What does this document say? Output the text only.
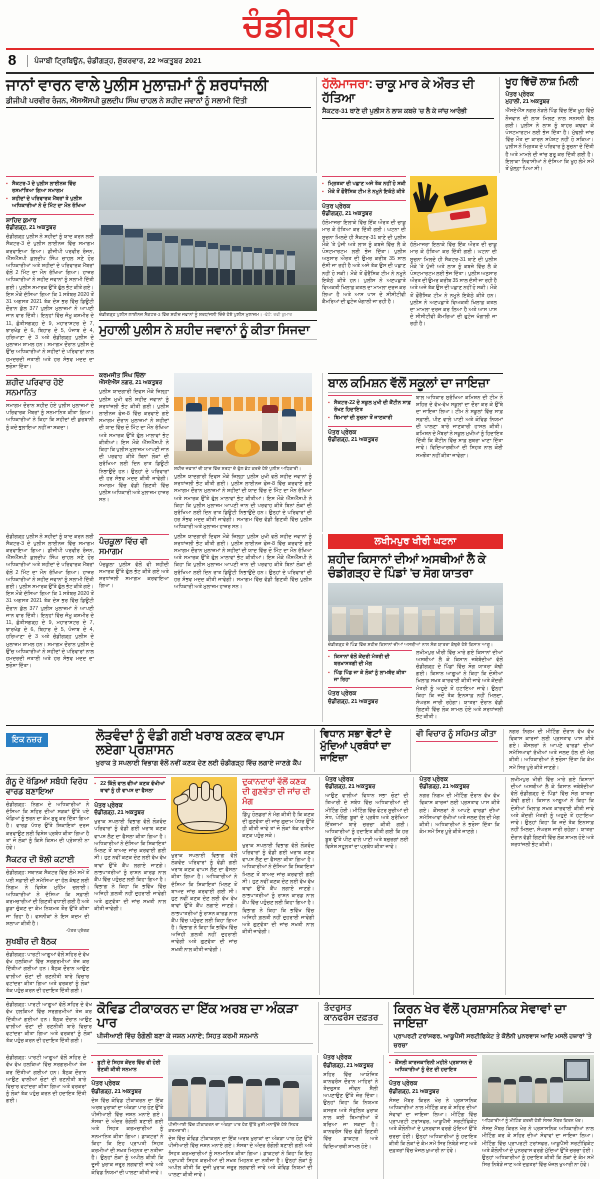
ਚੰਡੀਗੜ੍ਹ
8	ਪੰਜਾਬੀ ਟ੍ਰਿਬਿਊਨ, ਚੰਡੀਗੜ੍ਹ, ਸ਼ੁੱਕਰਵਾਰ, 22 ਅਕਤੂਬਰ 2021
ਜਾਨਾਂ ਵਾਰਨ ਵਾਲੇ ਪੁਲੀਸ ਮੁਲਾਜ਼ਮਾਂ ਨੂੰ ਸ਼ਰਧਾਂਜਲੀ
ਡੀਜੀਪੀ ਪਰਵੀਰ ਰੰਜਨ, ਐੱਸਐੱਸਪੀ ਕੁਲਦੀਪ ਸਿੰਘ ਚਾਹਲ ਨੇ ਸ਼ਹੀਦ ਜਵਾਨਾਂ ਨੂੰ ਸਲਾਮੀ ਦਿੱਤੀ
ਹੱਲੋਮਾਜਰਾ: ਚਾਕੂ ਮਾਰ ਕੇ ਔਰਤ ਦੀ ਹੱਤਿਆ
ਸੈਕਟਰ-31 ਥਾਣੇ ਦੀ ਪੁਲੀਸ ਨੇ ਲਾਸ਼ ਕਬਜ਼ੇ 'ਚ ਲੈ ਕੇ ਜਾਂਚ ਆਰੰਭੀ
ਖੂਹ ਵਿੱਚੋਂ ਲਾਸ਼ ਮਿਲੀ
ਪੱਤਰ ਪ੍ਰੇਰਕ
ਮੁਹਾਲੀ, 21 ਅਕਤੂਬਰ
ਐੱਸਏਐੱਸ ਨਗਰ ਨੇੜਲੇ ਪਿੰਡ ਵਿੱਚ ਇੱਕ ਖੂਹ ਵਿੱਚੋਂ ਨੌਜਵਾਨ ਦੀ ਲਾਸ਼ ਮਿਲਣ ਨਾਲ ਸਨਸਨੀ ਫੈਲ ਗਈ। ਪੁਲੀਸ ਨੇ ਲਾਸ਼ ਨੂੰ ਬਾਹਰ ਕਢਵਾ ਕੇ ਪੋਸਟਮਾਰਟਮ ਲਈ ਭੇਜ ਦਿੱਤਾ ਹੈ। ਮੁੱਢਲੀ ਜਾਂਚ ਵਿੱਚ ਮੌਤ ਦਾ ਕਾਰਨ ਸਪੱਸ਼ਟ ਨਹੀਂ ਹੋ ਸਕਿਆ। ਪੁਲੀਸ ਨੇ ਮ੍ਰਿਤਕ ਦੇ ਪਰਿਵਾਰ ਨੂੰ ਸੂਚਨਾ ਦੇ ਦਿੱਤੀ ਹੈ ਅਤੇ ਮਾਮਲੇ ਦੀ ਜਾਂਚ ਸ਼ੁਰੂ ਕਰ ਦਿੱਤੀ ਗਈ ਹੈ। ਇਲਾਕਾ ਨਿਵਾਸੀਆਂ ਨੇ ਦੱਸਿਆ ਕਿ ਖੂਹ ਲੰਮੇ ਸਮੇਂ ਤੋਂ ਖੁੱਲ੍ਹਾ ਪਿਆ ਸੀ।
▪ ਸੈਕਟਰ-3 ਦੇ ਪੁਲੀਸ ਲਾਈਨਜ਼ ਵਿੱਚ ਰਸਮਾਂਤਿਆ ਗਿਆ ਸਮਾਗਮ
▪ ਸ਼ਹੀਦਾਂ ਦੇ ਪਰਿਵਾਰਕ ਮੈਂਬਰਾਂ ਤੇ ਪੁਲੀਸ ਅਧਿਕਾਰੀਆਂ ਨੇ ਦੋ ਮਿੰਟ ਦਾ ਮੌਨ ਰੱਖਿਆ
ਸ਼ਾਹਿਦ ਕੁਮਾਰ
ਚੰਡੀਗੜ੍ਹ, 21 ਅਕਤੂਬਰ
ਚੰਡੀਗੜ੍ਹ ਪੁਲੀਸ ਨੇ ਸ਼ਹੀਦਾਂ ਨੂੰ ਯਾਦ ਕਰਨ ਲਈ ਸੈਕਟਰ-3 ਦੇ ਪੁਲੀਸ ਲਾਈਨਜ਼ ਵਿੱਚ ਸਮਾਗਮ ਕਰਵਾਇਆ ਗਿਆ। ਡੀਜੀਪੀ ਪਰਵੀਰ ਰੰਜਨ, ਐੱਸਐੱਸਪੀ ਕੁਲਦੀਪ ਸਿੰਘ ਚਾਹਲ ਸਣੇ ਹੋਰ ਅਧਿਕਾਰੀਆਂ ਅਤੇ ਸ਼ਹੀਦਾਂ ਦੇ ਪਰਿਵਾਰਕ ਮੈਂਬਰਾਂ ਵੱਲੋਂ 2 ਮਿੰਟ ਦਾ ਮੌਨ ਰੱਖਿਆ ਗਿਆ। ਹਾਜ਼ਰ ਅਧਿਕਾਰੀਆਂ ਨੇ ਸ਼ਹੀਦ ਜਵਾਨਾਂ ਨੂੰ ਸਲਾਮੀ ਦਿੱਤੀ ਗਈ। ਪੁਲੀਸ ਸਮਾਰਕ ਉੱਤੇ ਫੁੱਲ ਭੇਟ ਕੀਤੇ ਗਏ। ਇਸ ਮੌਕੇ ਦੱਸਿਆ ਗਿਆ ਕਿ 1 ਸਤੰਬਰ 2020 ਤੋਂ 31 ਅਗਸਤ 2021 ਤੱਕ ਦੇਸ਼ ਭਰ ਵਿੱਚ ਡਿਊਟੀ ਦੌਰਾਨ ਕੁੱਲ 377 ਪੁਲੀਸ ਮੁਲਾਜ਼ਮਾਂ ਨੇ ਆਪਣੀ ਜਾਨ ਵਾਰ ਦਿੱਤੀ। ਇਨ੍ਹਾਂ ਵਿੱਚ ਜੰਮੂ ਕਸ਼ਮੀਰ ਦੇ 11, ਛੱਤੀਸਗੜ੍ਹ ਦੇ 9, ਮਹਾਰਾਸ਼ਟਰ ਦੇ 7, ਝਾਰਖੰਡ ਦੇ 6, ਬਿਹਾਰ ਦੇ 5, ਪੰਜਾਬ ਦੇ 4, ਹਰਿਆਣਾ ਦੇ 3 ਅਤੇ ਚੰਡੀਗੜ੍ਹ ਪੁਲੀਸ ਦੇ ਮੁਲਾਜ਼ਮ ਸ਼ਾਮਲ ਹਨ। ਸਮਾਗਮ ਦੌਰਾਨ ਪੁਲੀਸ ਦੇ ਉੱਚ ਅਧਿਕਾਰੀਆਂ ਨੇ ਸ਼ਹੀਦਾਂ ਦੇ ਪਰਿਵਾਰਾਂ ਨਾਲ ਹਮਦਰਦੀ ਜਤਾਈ ਅਤੇ ਹਰ ਸੰਭਵ ਮਦਦ ਦਾ ਭਰੋਸਾ ਦਿੱਤਾ।
ਚੰਡੀਗੜ੍ਹ ਪੁਲੀਸ ਲਾਈਨਜ਼ ਸੈਕਟਰ-3 ਵਿੱਚ ਸ਼ਹੀਦ ਜਵਾਨਾਂ ਨੂੰ ਸ਼ਰਧਾਂਜਲੀ ਦਿੰਦੇ ਹੋਏ ਪੁਲੀਸ ਮੁਲਾਜ਼ਮ। -ਫੋਟੋ: ਰਵੀ ਕੁਮਾਰ
ਮੁਹਾਲੀ ਪੁਲੀਸ ਨੇ ਸ਼ਹੀਦ ਜਵਾਨਾਂ ਨੂੰ ਕੀਤਾ ਸਿਜਦਾ
▪ ਮ੍ਰਿਤਕਾ ਦੀ ਪਛਾਣ ਅਜੇ ਤੱਕ ਨਹੀਂ ਹੋ ਸਕੀ
▪ ਮੌਕੇ ਤੋਂ ਫੌਰੈਂਸਿਕ ਟੀਮ ਨੇ ਨਮੂਨੇ ਇਕੱਠੇ ਕੀਤੇ
ਪੱਤਰ ਪ੍ਰੇਰਕ
ਚੰਡੀਗੜ੍ਹ, 21 ਅਕਤੂਬਰ
ਹੱਲੋਮਾਜਰਾ ਇਲਾਕੇ ਵਿੱਚ ਇੱਕ ਔਰਤ ਦੀ ਚਾਕੂ ਮਾਰ ਕੇ ਹੱਤਿਆ ਕਰ ਦਿੱਤੀ ਗਈ। ਘਟਨਾ ਦੀ ਸੂਚਨਾ ਮਿਲਦੇ ਹੀ ਸੈਕਟਰ-31 ਥਾਣੇ ਦੀ ਪੁਲੀਸ ਮੌਕੇ 'ਤੇ ਪੁੱਜੀ ਅਤੇ ਲਾਸ਼ ਨੂੰ ਕਬਜ਼ੇ ਵਿੱਚ ਲੈ ਕੇ ਪੋਸਟਮਾਰਟਮ ਲਈ ਭੇਜ ਦਿੱਤਾ। ਪੁਲੀਸ ਅਨੁਸਾਰ ਔਰਤ ਦੀ ਉਮਰ ਕਰੀਬ 35 ਸਾਲ ਦੱਸੀ ਜਾ ਰਹੀ ਹੈ ਅਤੇ ਅਜੇ ਤੱਕ ਉਸ ਦੀ ਪਛਾਣ ਨਹੀਂ ਹੋ ਸਕੀ। ਮੌਕੇ ਤੋਂ ਫੌਰੈਂਸਿਕ ਟੀਮ ਨੇ ਨਮੂਨੇ ਇਕੱਠੇ ਕੀਤੇ ਹਨ। ਪੁਲੀਸ ਨੇ ਅਣਪਛਾਤੇ ਵਿਅਕਤੀ ਖ਼ਿਲਾਫ਼ ਕਤਲ ਦਾ ਮਾਮਲਾ ਦਰਜ ਕਰ ਲਿਆ ਹੈ ਅਤੇ ਆਸ ਪਾਸ ਦੇ ਸੀਸੀਟੀਵੀ ਕੈਮਰਿਆਂ ਦੀ ਫੁਟੇਜ ਖੰਗਾਲੀ ਜਾ ਰਹੀ ਹੈ।
ਹੱਲੋਮਾਜਰਾ ਇਲਾਕੇ ਵਿੱਚ ਇੱਕ ਔਰਤ ਦੀ ਚਾਕੂ ਮਾਰ ਕੇ ਹੱਤਿਆ ਕਰ ਦਿੱਤੀ ਗਈ। ਘਟਨਾ ਦੀ ਸੂਚਨਾ ਮਿਲਦੇ ਹੀ ਸੈਕਟਰ-31 ਥਾਣੇ ਦੀ ਪੁਲੀਸ ਮੌਕੇ 'ਤੇ ਪੁੱਜੀ ਅਤੇ ਲਾਸ਼ ਨੂੰ ਕਬਜ਼ੇ ਵਿੱਚ ਲੈ ਕੇ ਪੋਸਟਮਾਰਟਮ ਲਈ ਭੇਜ ਦਿੱਤਾ। ਪੁਲੀਸ ਅਨੁਸਾਰ ਔਰਤ ਦੀ ਉਮਰ ਕਰੀਬ 35 ਸਾਲ ਦੱਸੀ ਜਾ ਰਹੀ ਹੈ ਅਤੇ ਅਜੇ ਤੱਕ ਉਸ ਦੀ ਪਛਾਣ ਨਹੀਂ ਹੋ ਸਕੀ। ਮੌਕੇ ਤੋਂ ਫੌਰੈਂਸਿਕ ਟੀਮ ਨੇ ਨਮੂਨੇ ਇਕੱਠੇ ਕੀਤੇ ਹਨ। ਪੁਲੀਸ ਨੇ ਅਣਪਛਾਤੇ ਵਿਅਕਤੀ ਖ਼ਿਲਾਫ਼ ਕਤਲ ਦਾ ਮਾਮਲਾ ਦਰਜ ਕਰ ਲਿਆ ਹੈ ਅਤੇ ਆਸ ਪਾਸ ਦੇ ਸੀਸੀਟੀਵੀ ਕੈਮਰਿਆਂ ਦੀ ਫੁਟੇਜ ਖੰਗਾਲੀ ਜਾ ਰਹੀ ਹੈ।
ਸ਼ਹੀਦ ਪਰਿਵਾਰ ਹੋਏ ਸਨਮਾਨਿਤ
ਸਮਾਗਮ ਦੌਰਾਨ ਸ਼ਹੀਦ ਹੋਏ ਪੁਲੀਸ ਮੁਲਾਜ਼ਮਾਂ ਦੇ ਪਰਿਵਾਰਕ ਮੈਂਬਰਾਂ ਨੂੰ ਸਨਮਾਨਿਤ ਕੀਤਾ ਗਿਆ। ਅਧਿਕਾਰੀਆਂ ਨੇ ਕਿਹਾ ਕਿ ਸ਼ਹੀਦਾਂ ਦੀ ਕੁਰਬਾਨੀ ਨੂੰ ਕਦੇ ਭੁਲਾਇਆ ਨਹੀਂ ਜਾ ਸਕਦਾ।
ਕਰਮਜੀਤ ਸਿੰਘ ਚਿੱਲਾ
ਐੱਸਏਐੱਸ ਨਗਰ, 21 ਅਕਤੂਬਰ
ਪੁਲੀਸ ਯਾਦਗਾਰੀ ਦਿਵਸ ਮੌਕੇ ਜ਼ਿਲ੍ਹਾ ਪੁਲੀਸ ਮੁਖੀ ਵਲੋਂ ਸ਼ਹੀਦ ਜਵਾਨਾਂ ਨੂੰ ਸ਼ਰਧਾਂਜਲੀ ਭੇਟ ਕੀਤੀ ਗਈ। ਪੁਲੀਸ ਲਾਈਨਜ਼ ਫੇਜ਼-8 ਵਿੱਚ ਕਰਵਾਏ ਗਏ ਸਮਾਗਮ ਦੌਰਾਨ ਮੁਲਾਜ਼ਮਾਂ ਨੇ ਸ਼ਹੀਦਾਂ ਦੀ ਯਾਦ ਵਿੱਚ ਦੋ ਮਿੰਟ ਦਾ ਮੌਨ ਰੱਖਿਆ ਅਤੇ ਸਮਾਰਕ ਉੱਤੇ ਫੁੱਲ ਮਾਲਾਵਾਂ ਭੇਟ ਕੀਤੀਆਂ। ਇਸ ਮੌਕੇ ਐੱਸਐੱਸਪੀ ਨੇ ਕਿਹਾ ਕਿ ਪੁਲੀਸ ਮੁਲਾਜ਼ਮ ਆਪਣੀ ਜਾਨ ਦੀ ਪਰਵਾਹ ਕੀਤੇ ਬਿਨਾਂ ਲੋਕਾਂ ਦੀ ਸੁਰੱਖਿਆ ਲਈ ਦਿਨ ਰਾਤ ਡਿਊਟੀ ਨਿਭਾਉਂਦੇ ਹਨ। ਉਨ੍ਹਾਂ ਦੇ ਪਰਿਵਾਰਾਂ ਦੀ ਹਰ ਸੰਭਵ ਮਦਦ ਕੀਤੀ ਜਾਵੇਗੀ। ਸਮਾਗਮ ਵਿੱਚ ਵੱਡੀ ਗਿਣਤੀ ਵਿੱਚ ਪੁਲੀਸ ਅਧਿਕਾਰੀ ਅਤੇ ਮੁਲਾਜ਼ਮ ਹਾਜ਼ਰ ਸਨ।
ਸ਼ਹੀਦ ਜਵਾਨਾਂ ਦੀ ਯਾਦ ਵਿੱਚ ਸ਼ਰਧਾ ਦੇ ਫੁੱਲ ਭੇਟ ਕਰਦੇ ਹੋਏ ਪੁਲੀਸ ਅਧਿਕਾਰੀ।
ਪੁਲੀਸ ਯਾਦਗਾਰੀ ਦਿਵਸ ਮੌਕੇ ਜ਼ਿਲ੍ਹਾ ਪੁਲੀਸ ਮੁਖੀ ਵਲੋਂ ਸ਼ਹੀਦ ਜਵਾਨਾਂ ਨੂੰ ਸ਼ਰਧਾਂਜਲੀ ਭੇਟ ਕੀਤੀ ਗਈ। ਪੁਲੀਸ ਲਾਈਨਜ਼ ਫੇਜ਼-8 ਵਿੱਚ ਕਰਵਾਏ ਗਏ ਸਮਾਗਮ ਦੌਰਾਨ ਮੁਲਾਜ਼ਮਾਂ ਨੇ ਸ਼ਹੀਦਾਂ ਦੀ ਯਾਦ ਵਿੱਚ ਦੋ ਮਿੰਟ ਦਾ ਮੌਨ ਰੱਖਿਆ ਅਤੇ ਸਮਾਰਕ ਉੱਤੇ ਫੁੱਲ ਮਾਲਾਵਾਂ ਭੇਟ ਕੀਤੀਆਂ। ਇਸ ਮੌਕੇ ਐੱਸਐੱਸਪੀ ਨੇ ਕਿਹਾ ਕਿ ਪੁਲੀਸ ਮੁਲਾਜ਼ਮ ਆਪਣੀ ਜਾਨ ਦੀ ਪਰਵਾਹ ਕੀਤੇ ਬਿਨਾਂ ਲੋਕਾਂ ਦੀ ਸੁਰੱਖਿਆ ਲਈ ਦਿਨ ਰਾਤ ਡਿਊਟੀ ਨਿਭਾਉਂਦੇ ਹਨ। ਉਨ੍ਹਾਂ ਦੇ ਪਰਿਵਾਰਾਂ ਦੀ ਹਰ ਸੰਭਵ ਮਦਦ ਕੀਤੀ ਜਾਵੇਗੀ। ਸਮਾਗਮ ਵਿੱਚ ਵੱਡੀ ਗਿਣਤੀ ਵਿੱਚ ਪੁਲੀਸ ਅਧਿਕਾਰੀ ਅਤੇ ਮੁਲਾਜ਼ਮ ਹਾਜ਼ਰ ਸਨ।
ਬਾਲ ਕਮਿਸ਼ਨ ਵੱਲੋਂ ਸਕੂਲਾਂ ਦਾ ਜਾਇਜ਼ਾ
▪ ਸੈਕਟਰ-22 ਦੇ ਸਕੂਲ ਮੁਖੀ ਦੀ ਕੈਂਟੀਨ ਸਾਫ਼ ਰੱਖਣ ਹਿਦਾਇਤ
▪ ਬਿਮਾਰਾਂ ਦੀ ਸੂਚਨਾ ਤੋਂ ਜਾਣਕਾਰੀ
ਪੱਤਰ ਪ੍ਰੇਰਕ
ਚੰਡੀਗੜ੍ਹ, 21 ਅਕਤੂਬਰ
ਬਾਲ ਅਧਿਕਾਰ ਸੁਰੱਖਿਆ ਕਮਿਸ਼ਨ ਦੀ ਟੀਮ ਨੇ ਸ਼ਹਿਰ ਦੇ ਵੱਖ-ਵੱਖ ਸਕੂਲਾਂ ਦਾ ਦੌਰਾ ਕਰ ਕੇ ਉੱਥੇ ਦਾ ਜਾਇਜ਼ਾ ਲਿਆ। ਟੀਮ ਨੇ ਸਕੂਲਾਂ ਵਿੱਚ ਸਾਫ਼ ਸਫ਼ਾਈ, ਪੀਣ ਵਾਲੇ ਪਾਣੀ ਅਤੇ ਕੋਵਿਡ ਨਿਯਮਾਂ ਦੀ ਪਾਲਣਾ ਬਾਰੇ ਜਾਣਕਾਰੀ ਹਾਸਲ ਕੀਤੀ। ਕਮਿਸ਼ਨ ਦੇ ਮੈਂਬਰਾਂ ਨੇ ਸਕੂਲ ਮੁਖੀਆਂ ਨੂੰ ਹਿਦਾਇਤ ਦਿੱਤੀ ਕਿ ਕੈਂਟੀਨ ਵਿੱਚ ਸਾਫ਼ ਸੁਥਰਾ ਖਾਣਾ ਦਿੱਤਾ ਜਾਵੇ। ਵਿਦਿਆਰਥੀਆਂ ਦੀ ਸਿਹਤ ਨਾਲ ਕੋਈ ਸਮਝੌਤਾ ਨਹੀਂ ਕੀਤਾ ਜਾਵੇਗਾ।
ਚੰਡੀਗੜ੍ਹ ਪੁਲੀਸ ਨੇ ਸ਼ਹੀਦਾਂ ਨੂੰ ਯਾਦ ਕਰਨ ਲਈ ਸੈਕਟਰ-3 ਦੇ ਪੁਲੀਸ ਲਾਈਨਜ਼ ਵਿੱਚ ਸਮਾਗਮ ਕਰਵਾਇਆ ਗਿਆ। ਡੀਜੀਪੀ ਪਰਵੀਰ ਰੰਜਨ, ਐੱਸਐੱਸਪੀ ਕੁਲਦੀਪ ਸਿੰਘ ਚਾਹਲ ਸਣੇ ਹੋਰ ਅਧਿਕਾਰੀਆਂ ਅਤੇ ਸ਼ਹੀਦਾਂ ਦੇ ਪਰਿਵਾਰਕ ਮੈਂਬਰਾਂ ਵੱਲੋਂ 2 ਮਿੰਟ ਦਾ ਮੌਨ ਰੱਖਿਆ ਗਿਆ। ਹਾਜ਼ਰ ਅਧਿਕਾਰੀਆਂ ਨੇ ਸ਼ਹੀਦ ਜਵਾਨਾਂ ਨੂੰ ਸਲਾਮੀ ਦਿੱਤੀ ਗਈ। ਪੁਲੀਸ ਸਮਾਰਕ ਉੱਤੇ ਫੁੱਲ ਭੇਟ ਕੀਤੇ ਗਏ। ਇਸ ਮੌਕੇ ਦੱਸਿਆ ਗਿਆ ਕਿ 1 ਸਤੰਬਰ 2020 ਤੋਂ 31 ਅਗਸਤ 2021 ਤੱਕ ਦੇਸ਼ ਭਰ ਵਿੱਚ ਡਿਊਟੀ ਦੌਰਾਨ ਕੁੱਲ 377 ਪੁਲੀਸ ਮੁਲਾਜ਼ਮਾਂ ਨੇ ਆਪਣੀ ਜਾਨ ਵਾਰ ਦਿੱਤੀ। ਇਨ੍ਹਾਂ ਵਿੱਚ ਜੰਮੂ ਕਸ਼ਮੀਰ ਦੇ 11, ਛੱਤੀਸਗੜ੍ਹ ਦੇ 9, ਮਹਾਰਾਸ਼ਟਰ ਦੇ 7, ਝਾਰਖੰਡ ਦੇ 6, ਬਿਹਾਰ ਦੇ 5, ਪੰਜਾਬ ਦੇ 4, ਹਰਿਆਣਾ ਦੇ 3 ਅਤੇ ਚੰਡੀਗੜ੍ਹ ਪੁਲੀਸ ਦੇ ਮੁਲਾਜ਼ਮ ਸ਼ਾਮਲ ਹਨ। ਸਮਾਗਮ ਦੌਰਾਨ ਪੁਲੀਸ ਦੇ ਉੱਚ ਅਧਿਕਾਰੀਆਂ ਨੇ ਸ਼ਹੀਦਾਂ ਦੇ ਪਰਿਵਾਰਾਂ ਨਾਲ ਹਮਦਰਦੀ ਜਤਾਈ ਅਤੇ ਹਰ ਸੰਭਵ ਮਦਦ ਦਾ ਭਰੋਸਾ ਦਿੱਤਾ।
ਪੰਚਕੂਲਾ ਵਿੱਚ ਵੀ ਸਮਾਗਮ
ਪੰਚਕੂਲਾ ਪੁਲੀਸ ਵੱਲੋਂ ਵੀ ਸ਼ਹੀਦੀ ਸਮਾਰਕ ਉੱਤੇ ਫੁੱਲ ਭੇਟ ਕੀਤੇ ਗਏ ਅਤੇ ਸ਼ਰਧਾਂਜਲੀ ਸਮਾਗਮ ਕਰਵਾਇਆ ਗਿਆ।
ਪੁਲੀਸ ਯਾਦਗਾਰੀ ਦਿਵਸ ਮੌਕੇ ਜ਼ਿਲ੍ਹਾ ਪੁਲੀਸ ਮੁਖੀ ਵਲੋਂ ਸ਼ਹੀਦ ਜਵਾਨਾਂ ਨੂੰ ਸ਼ਰਧਾਂਜਲੀ ਭੇਟ ਕੀਤੀ ਗਈ। ਪੁਲੀਸ ਲਾਈਨਜ਼ ਫੇਜ਼-8 ਵਿੱਚ ਕਰਵਾਏ ਗਏ ਸਮਾਗਮ ਦੌਰਾਨ ਮੁਲਾਜ਼ਮਾਂ ਨੇ ਸ਼ਹੀਦਾਂ ਦੀ ਯਾਦ ਵਿੱਚ ਦੋ ਮਿੰਟ ਦਾ ਮੌਨ ਰੱਖਿਆ ਅਤੇ ਸਮਾਰਕ ਉੱਤੇ ਫੁੱਲ ਮਾਲਾਵਾਂ ਭੇਟ ਕੀਤੀਆਂ। ਇਸ ਮੌਕੇ ਐੱਸਐੱਸਪੀ ਨੇ ਕਿਹਾ ਕਿ ਪੁਲੀਸ ਮੁਲਾਜ਼ਮ ਆਪਣੀ ਜਾਨ ਦੀ ਪਰਵਾਹ ਕੀਤੇ ਬਿਨਾਂ ਲੋਕਾਂ ਦੀ ਸੁਰੱਖਿਆ ਲਈ ਦਿਨ ਰਾਤ ਡਿਊਟੀ ਨਿਭਾਉਂਦੇ ਹਨ। ਉਨ੍ਹਾਂ ਦੇ ਪਰਿਵਾਰਾਂ ਦੀ ਹਰ ਸੰਭਵ ਮਦਦ ਕੀਤੀ ਜਾਵੇਗੀ। ਸਮਾਗਮ ਵਿੱਚ ਵੱਡੀ ਗਿਣਤੀ ਵਿੱਚ ਪੁਲੀਸ ਅਧਿਕਾਰੀ ਅਤੇ ਮੁਲਾਜ਼ਮ ਹਾਜ਼ਰ ਸਨ।
ਲਖੀਮਪੁਰ ਖੀਰੀ ਘਟਨਾ
ਸ਼ਹੀਦ ਕਿਸਾਨਾਂ ਦੀਆਂ ਅਸਥੀਆਂ ਲੈ ਕੇ ਚੰਡੀਗੜ੍ਹ ਦੇ ਪਿੰਡਾਂ 'ਚ ਸੋਗ ਯਾਤਰਾ
ਚੰਡੀਗੜ੍ਹ ਦੇ ਪਿੰਡ ਵਿੱਚ ਸ਼ਹੀਦ ਕਿਸਾਨਾਂ ਦੀਆਂ ਅਸਥੀਆਂ ਨਾਲ ਸੋਗ ਯਾਤਰਾ ਕੱਢਦੇ ਹੋਏ ਕਿਸਾਨ ਆਗੂ।
▪ ਕਿਸਾਨਾਂ ਵੱਲੋਂ ਕੇਂਦਰੀ ਮੰਤਰੀ ਦੀ ਬਰਖ਼ਾਸਤਗੀ ਦੀ ਮੰਗ
▪ ਪਿੰਡ ਪਿੰਡ ਜਾ ਕੇ ਲੋਕਾਂ ਨੂੰ ਲਾਮਬੰਦ ਕੀਤਾ ਜਾ ਰਿਹਾ
ਪੱਤਰ ਪ੍ਰੇਰਕ
ਚੰਡੀਗੜ੍ਹ, 21 ਅਕਤੂਬਰ
ਲਖੀਮਪੁਰ ਖੀਰੀ ਵਿੱਚ ਮਾਰੇ ਗਏ ਕਿਸਾਨਾਂ ਦੀਆਂ ਅਸਥੀਆਂ ਲੈ ਕੇ ਕਿਸਾਨ ਜਥੇਬੰਦੀਆਂ ਵੱਲੋਂ ਚੰਡੀਗੜ੍ਹ ਦੇ ਪਿੰਡਾਂ ਵਿੱਚ ਸੋਗ ਯਾਤਰਾ ਕੱਢੀ ਗਈ। ਕਿਸਾਨ ਆਗੂਆਂ ਨੇ ਕਿਹਾ ਕਿ ਦੋਸ਼ੀਆਂ ਖ਼ਿਲਾਫ਼ ਸਖ਼ਤ ਕਾਰਵਾਈ ਕੀਤੀ ਜਾਵੇ ਅਤੇ ਕੇਂਦਰੀ ਮੰਤਰੀ ਨੂੰ ਅਹੁਦੇ ਤੋਂ ਹਟਾਇਆ ਜਾਵੇ। ਉਨ੍ਹਾਂ ਕਿਹਾ ਕਿ ਜਦੋਂ ਤੱਕ ਇਨਸਾਫ਼ ਨਹੀਂ ਮਿਲਦਾ, ਸੰਘਰਸ਼ ਜਾਰੀ ਰਹੇਗਾ। ਯਾਤਰਾ ਦੌਰਾਨ ਵੱਡੀ ਗਿਣਤੀ ਵਿੱਚ ਲੋਕ ਸ਼ਾਮਲ ਹੋਏ ਅਤੇ ਸ਼ਰਧਾਂਜਲੀ ਭੇਟ ਕੀਤੀ।
ਇਕ ਨਜ਼ਰ	ਲੋੜਵੰਦਾਂ ਨੂੰ ਵੰਡੀ ਗਈ ਖਰਾਬ ਕਣਕ ਵਾਪਸ ਲਏਗਾ ਪ੍ਰਸ਼ਾਸਨ
ਖੁਰਾਕ ਤੇ ਸਪਲਾਈ ਵਿਭਾਗ ਵੱਲੋਂ ਨਵੀਂ ਕਣਕ ਦੇਣ ਲਈ ਚੰਡੀਗੜ੍ਹ ਵਿੱਚ ਲਗਾਏ ਜਾਣਗੇ ਕੈਂਪ
ਵਿਧਾਨ ਸਭਾ ਵੋਟਾਂ ਦੇ ਮੁੱਦਿਆਂ ਪ੍ਰਬੰਧਾਂ ਦਾ ਜਾਇਜ਼ਾ
ਵੀ ਵਿਚਾਰ ਨੂੰ ਸਹਿਮਤ ਕੀਤਾ	ਨਗਰ ਨਿਗਮ ਦੀ ਮੀਟਿੰਗ ਦੌਰਾਨ ਵੱਖ ਵੱਖ ਵਿਕਾਸ ਕਾਰਜਾਂ ਲਈ ਪ੍ਰਸਤਾਵ ਪਾਸ ਕੀਤੇ ਗਏ। ਕੌਂਸਲਰਾਂ ਨੇ ਆਪਣੇ ਵਾਰਡਾਂ ਦੀਆਂ ਸਮੱਸਿਆਵਾਂ ਰੱਖੀਆਂ ਅਤੇ ਜਲਦ ਹੱਲ ਦੀ ਮੰਗ ਕੀਤੀ। ਅਧਿਕਾਰੀਆਂ ਨੇ ਭਰੋਸਾ ਦਿੱਤਾ ਕਿ ਕੰਮ ਸਮੇਂ ਸਿਰ ਪੂਰੇ ਕੀਤੇ ਜਾਣਗੇ।
ਗੰਨੂ ਦੇ ਖੱਡਿਆਂ ਸਬੰਧੀ ਵਿਰੋਧ ਵਾਰਡ ਬਣਾਇਆ
ਚੰਡੀਗੜ੍ਹ: ਨਿਗਮ ਦੇ ਅਧਿਕਾਰੀਆਂ ਨੇ ਦੱਸਿਆ ਕਿ ਸ਼ਹਿਰ ਦੀਆਂ ਸੜਕਾਂ ਉੱਤੇ ਪਏ ਖੱਡਿਆਂ ਨੂੰ ਭਰਨ ਦਾ ਕੰਮ ਸ਼ੁਰੂ ਕਰ ਦਿੱਤਾ ਗਿਆ ਹੈ। ਵਾਰਡ ਪੱਧਰ ਉੱਤੇ ਸ਼ਿਕਾਇਤਾਂ ਦਰਜ ਕਰਵਾਉਣ ਲਈ ਵਿਸ਼ੇਸ਼ ਪ੍ਰਬੰਧ ਕੀਤਾ ਗਿਆ ਹੈ ਤਾਂ ਜੋ ਲੋਕਾਂ ਨੂੰ ਕਿਸੇ ਕਿਸਮ ਦੀ ਪ੍ਰੇਸ਼ਾਨੀ ਨਾ ਹੋਵੇ।
ਸੈਕਟਰ ਦੀ ਝੋਲੀ ਕਟਾਈ
ਚੰਡੀਗੜ੍ਹ: ਸਥਾਨਕ ਸੈਕਟਰ ਵਿੱਚ ਲੰਮੇ ਸਮੇਂ ਤੋਂ ਪਈ ਸਫ਼ਾਈ ਦੀ ਸਮੱਸਿਆ ਦਾ ਹੱਲ ਕੱਢਣ ਲਈ ਨਿਗਮ ਨੇ ਵਿਸ਼ੇਸ਼ ਮੁਹਿੰਮ ਚਲਾਈ। ਅਧਿਕਾਰੀਆਂ ਨੇ ਦੱਸਿਆ ਕਿ ਸਫ਼ਾਈ ਕਰਮਚਾਰੀਆਂ ਦੀ ਗਿਣਤੀ ਵਧਾਈ ਗਈ ਹੈ ਅਤੇ ਕੂੜਾ ਚੁੱਕਣ ਦਾ ਕੰਮ ਨਿਯਮਤ ਤੌਰ ਉੱਤੇ ਕੀਤਾ ਜਾ ਰਿਹਾ ਹੈ। ਵਸਨੀਕਾਂ ਨੇ ਇਸ ਕਦਮ ਦੀ ਸ਼ਲਾਘਾ ਕੀਤੀ ਹੈ।
-ਪੱਤਰ ਪ੍ਰੇਰਕ
ਸੁਖਬੀਰ ਦੀ ਬੈਠਕ
ਚੰਡੀਗੜ੍ਹ: ਪਾਰਟੀ ਆਗੂਆਂ ਵੱਲੋਂ ਸ਼ਹਿਰ ਦੇ ਵੱਖ ਵੱਖ ਹਲਕਿਆਂ ਵਿੱਚ ਸਰਗਰਮੀਆਂ ਤੇਜ਼ ਕਰ ਦਿੱਤੀਆਂ ਗਈਆਂ ਹਨ। ਬੈਠਕ ਦੌਰਾਨ ਆਉਣ ਵਾਲੀਆਂ ਚੋਣਾਂ ਦੀ ਰਣਨੀਤੀ ਬਾਰੇ ਵਿਚਾਰ ਵਟਾਂਦਰਾ ਕੀਤਾ ਗਿਆ ਅਤੇ ਵਰਕਰਾਂ ਨੂੰ ਲੋਕਾਂ ਤੱਕ ਪਹੁੰਚ ਕਰਨ ਦੀ ਹਦਾਇਤ ਦਿੱਤੀ ਗਈ।
▪ 22 ਕਿੱਲੋ ਵਾਲ ਵੀਂਆਂ ਕਣਕ ਵੱਖੀਆਂ ਥਾਵਾਂ ਨੂੰ ਹੀ ਵਾਪਸ ਦਾ ਫੈਸਲਾ
ਪੱਤਰ ਪ੍ਰੇਰਕ
ਚੰਡੀਗੜ੍ਹ, 21 ਅਕਤੂਬਰ
ਖੁਰਾਕ ਸਪਲਾਈ ਵਿਭਾਗ ਵੱਲੋਂ ਲੋੜਵੰਦ ਪਰਿਵਾਰਾਂ ਨੂੰ ਵੰਡੀ ਗਈ ਖਰਾਬ ਕਣਕ ਵਾਪਸ ਲੈਣ ਦਾ ਫੈਸਲਾ ਕੀਤਾ ਗਿਆ ਹੈ। ਅਧਿਕਾਰੀਆਂ ਨੇ ਦੱਸਿਆ ਕਿ ਸ਼ਿਕਾਇਤਾਂ ਮਿਲਣ ਤੋਂ ਬਾਅਦ ਜਾਂਚ ਕਰਵਾਈ ਗਈ ਸੀ। ਹੁਣ ਨਵੀਂ ਕਣਕ ਦੇਣ ਲਈ ਵੱਖ ਵੱਖ ਥਾਵਾਂ ਉੱਤੇ ਕੈਂਪ ਲਗਾਏ ਜਾਣਗੇ। ਲਾਭਪਾਤਰੀਆਂ ਨੂੰ ਰਾਸ਼ਨ ਕਾਰਡ ਨਾਲ ਕੈਂਪ ਵਿੱਚ ਪਹੁੰਚਣ ਲਈ ਕਿਹਾ ਗਿਆ ਹੈ। ਵਿਭਾਗ ਨੇ ਕਿਹਾ ਕਿ ਭਵਿੱਖ ਵਿੱਚ ਅਜਿਹੀ ਗ਼ਲਤੀ ਨਹੀਂ ਦੁਹਰਾਈ ਜਾਵੇਗੀ ਅਤੇ ਗੁਣਵੱਤਾ ਦੀ ਜਾਂਚ ਸਖ਼ਤੀ ਨਾਲ ਕੀਤੀ ਜਾਵੇਗੀ।
ਖੁਰਾਕ ਸਪਲਾਈ ਵਿਭਾਗ ਵੱਲੋਂ ਲੋੜਵੰਦ ਪਰਿਵਾਰਾਂ ਨੂੰ ਵੰਡੀ ਗਈ ਖਰਾਬ ਕਣਕ ਵਾਪਸ ਲੈਣ ਦਾ ਫੈਸਲਾ ਕੀਤਾ ਗਿਆ ਹੈ। ਅਧਿਕਾਰੀਆਂ ਨੇ ਦੱਸਿਆ ਕਿ ਸ਼ਿਕਾਇਤਾਂ ਮਿਲਣ ਤੋਂ ਬਾਅਦ ਜਾਂਚ ਕਰਵਾਈ ਗਈ ਸੀ। ਹੁਣ ਨਵੀਂ ਕਣਕ ਦੇਣ ਲਈ ਵੱਖ ਵੱਖ ਥਾਵਾਂ ਉੱਤੇ ਕੈਂਪ ਲਗਾਏ ਜਾਣਗੇ। ਲਾਭਪਾਤਰੀਆਂ ਨੂੰ ਰਾਸ਼ਨ ਕਾਰਡ ਨਾਲ ਕੈਂਪ ਵਿੱਚ ਪਹੁੰਚਣ ਲਈ ਕਿਹਾ ਗਿਆ ਹੈ। ਵਿਭਾਗ ਨੇ ਕਿਹਾ ਕਿ ਭਵਿੱਖ ਵਿੱਚ ਅਜਿਹੀ ਗ਼ਲਤੀ ਨਹੀਂ ਦੁਹਰਾਈ ਜਾਵੇਗੀ ਅਤੇ ਗੁਣਵੱਤਾ ਦੀ ਜਾਂਚ ਸਖ਼ਤੀ ਨਾਲ ਕੀਤੀ ਜਾਵੇਗੀ।
ਦੁਕਾਨਦਾਰਾਂ ਵੱਲੋਂ ਕਣਕ ਦੀ ਗੁਣਵੱਤਾ ਦੀ ਜਾਂਚ ਦੀ ਮੰਗ
ਡਿੱਪੂ ਹੋਲਡਰਾਂ ਨੇ ਮੰਗ ਕੀਤੀ ਹੈ ਕਿ ਕਣਕ ਦੀ ਗੁਣਵੱਤਾ ਦੀ ਜਾਂਚ ਗੁਦਾਮ ਪੱਧਰ ਉੱਤੇ ਹੀ ਕੀਤੀ ਜਾਵੇ ਤਾਂ ਜੋ ਲੋਕਾਂ ਤੱਕ ਵਧੀਆ ਕਣਕ ਪਹੁੰਚ ਸਕੇ।
ਖੁਰਾਕ ਸਪਲਾਈ ਵਿਭਾਗ ਵੱਲੋਂ ਲੋੜਵੰਦ ਪਰਿਵਾਰਾਂ ਨੂੰ ਵੰਡੀ ਗਈ ਖਰਾਬ ਕਣਕ ਵਾਪਸ ਲੈਣ ਦਾ ਫੈਸਲਾ ਕੀਤਾ ਗਿਆ ਹੈ। ਅਧਿਕਾਰੀਆਂ ਨੇ ਦੱਸਿਆ ਕਿ ਸ਼ਿਕਾਇਤਾਂ ਮਿਲਣ ਤੋਂ ਬਾਅਦ ਜਾਂਚ ਕਰਵਾਈ ਗਈ ਸੀ। ਹੁਣ ਨਵੀਂ ਕਣਕ ਦੇਣ ਲਈ ਵੱਖ ਵੱਖ ਥਾਵਾਂ ਉੱਤੇ ਕੈਂਪ ਲਗਾਏ ਜਾਣਗੇ। ਲਾਭਪਾਤਰੀਆਂ ਨੂੰ ਰਾਸ਼ਨ ਕਾਰਡ ਨਾਲ ਕੈਂਪ ਵਿੱਚ ਪਹੁੰਚਣ ਲਈ ਕਿਹਾ ਗਿਆ ਹੈ। ਵਿਭਾਗ ਨੇ ਕਿਹਾ ਕਿ ਭਵਿੱਖ ਵਿੱਚ ਅਜਿਹੀ ਗ਼ਲਤੀ ਨਹੀਂ ਦੁਹਰਾਈ ਜਾਵੇਗੀ ਅਤੇ ਗੁਣਵੱਤਾ ਦੀ ਜਾਂਚ ਸਖ਼ਤੀ ਨਾਲ ਕੀਤੀ ਜਾਵੇਗੀ।
ਪੱਤਰ ਪ੍ਰੇਰਕ
ਚੰਡੀਗੜ੍ਹ, 21 ਅਕਤੂਬਰ
ਆਉਣ ਵਾਲੀਆਂ ਵਿਧਾਨ ਸਭਾ ਚੋਣਾਂ ਦੀ ਤਿਆਰੀ ਦੇ ਸਬੰਧ ਵਿੱਚ ਅਧਿਕਾਰੀਆਂ ਦੀ ਮੀਟਿੰਗ ਹੋਈ। ਮੀਟਿੰਗ ਵਿੱਚ ਵੋਟਰ ਸੂਚੀਆਂ ਦੀ ਸੋਧ, ਪੋਲਿੰਗ ਬੂਥਾਂ ਦੇ ਪ੍ਰਬੰਧ ਅਤੇ ਸੁਰੱਖਿਆ ਇੰਤਜ਼ਾਮਾਂ ਬਾਰੇ ਚਰਚਾ ਕੀਤੀ ਗਈ। ਅਧਿਕਾਰੀਆਂ ਨੂੰ ਹਦਾਇਤ ਕੀਤੀ ਗਈ ਕਿ ਹਰ ਬੂਥ ਉੱਤੇ ਪੀਣ ਵਾਲੇ ਪਾਣੀ ਅਤੇ ਬਜ਼ੁਰਗਾਂ ਲਈ ਵਿਸ਼ੇਸ਼ ਸਹੂਲਤਾਂ ਦਾ ਪ੍ਰਬੰਧ ਕੀਤਾ ਜਾਵੇ।
ਪੱਤਰ ਪ੍ਰੇਰਕ
ਚੰਡੀਗੜ੍ਹ, 21 ਅਕਤੂਬਰ
ਨਗਰ ਨਿਗਮ ਦੀ ਮੀਟਿੰਗ ਦੌਰਾਨ ਵੱਖ ਵੱਖ ਵਿਕਾਸ ਕਾਰਜਾਂ ਲਈ ਪ੍ਰਸਤਾਵ ਪਾਸ ਕੀਤੇ ਗਏ। ਕੌਂਸਲਰਾਂ ਨੇ ਆਪਣੇ ਵਾਰਡਾਂ ਦੀਆਂ ਸਮੱਸਿਆਵਾਂ ਰੱਖੀਆਂ ਅਤੇ ਜਲਦ ਹੱਲ ਦੀ ਮੰਗ ਕੀਤੀ। ਅਧਿਕਾਰੀਆਂ ਨੇ ਭਰੋਸਾ ਦਿੱਤਾ ਕਿ ਕੰਮ ਸਮੇਂ ਸਿਰ ਪੂਰੇ ਕੀਤੇ ਜਾਣਗੇ।
ਲਖੀਮਪੁਰ ਖੀਰੀ ਵਿੱਚ ਮਾਰੇ ਗਏ ਕਿਸਾਨਾਂ ਦੀਆਂ ਅਸਥੀਆਂ ਲੈ ਕੇ ਕਿਸਾਨ ਜਥੇਬੰਦੀਆਂ ਵੱਲੋਂ ਚੰਡੀਗੜ੍ਹ ਦੇ ਪਿੰਡਾਂ ਵਿੱਚ ਸੋਗ ਯਾਤਰਾ ਕੱਢੀ ਗਈ। ਕਿਸਾਨ ਆਗੂਆਂ ਨੇ ਕਿਹਾ ਕਿ ਦੋਸ਼ੀਆਂ ਖ਼ਿਲਾਫ਼ ਸਖ਼ਤ ਕਾਰਵਾਈ ਕੀਤੀ ਜਾਵੇ ਅਤੇ ਕੇਂਦਰੀ ਮੰਤਰੀ ਨੂੰ ਅਹੁਦੇ ਤੋਂ ਹਟਾਇਆ ਜਾਵੇ। ਉਨ੍ਹਾਂ ਕਿਹਾ ਕਿ ਜਦੋਂ ਤੱਕ ਇਨਸਾਫ਼ ਨਹੀਂ ਮਿਲਦਾ, ਸੰਘਰਸ਼ ਜਾਰੀ ਰਹੇਗਾ। ਯਾਤਰਾ ਦੌਰਾਨ ਵੱਡੀ ਗਿਣਤੀ ਵਿੱਚ ਲੋਕ ਸ਼ਾਮਲ ਹੋਏ ਅਤੇ ਸ਼ਰਧਾਂਜਲੀ ਭੇਟ ਕੀਤੀ।
ਚੰਡੀਗੜ੍ਹ: ਪਾਰਟੀ ਆਗੂਆਂ ਵੱਲੋਂ ਸ਼ਹਿਰ ਦੇ ਵੱਖ ਵੱਖ ਹਲਕਿਆਂ ਵਿੱਚ ਸਰਗਰਮੀਆਂ ਤੇਜ਼ ਕਰ ਦਿੱਤੀਆਂ ਗਈਆਂ ਹਨ। ਬੈਠਕ ਦੌਰਾਨ ਆਉਣ ਵਾਲੀਆਂ ਚੋਣਾਂ ਦੀ ਰਣਨੀਤੀ ਬਾਰੇ ਵਿਚਾਰ ਵਟਾਂਦਰਾ ਕੀਤਾ ਗਿਆ ਅਤੇ ਵਰਕਰਾਂ ਨੂੰ ਲੋਕਾਂ ਤੱਕ ਪਹੁੰਚ ਕਰਨ ਦੀ ਹਦਾਇਤ ਦਿੱਤੀ ਗਈ।
ਕੋਵਿਡ ਟੀਕਾਕਰਨ ਦਾ ਇੱਕ ਅਰਬ ਦਾ ਅੰਕੜਾ ਪਾਰ
ਪੀਜੀਆਈ ਵਿੱਚ ਰੰਗੋਲੀ ਬਣਾ ਕੇ ਜਸ਼ਨ ਮਨਾਏ; ਸਿਹਤ ਕਰਮੀ ਸਨਮਾਨੇ
ਤੰਦਰੁਸਤ ਕਾਨਫਰੰਸ ਦਫ਼ਤਰ
ਕਿਰਨ ਖੇਰ ਵੱਲੋਂ ਪ੍ਰਸ਼ਾਸਨਿਕ ਸੇਵਾਵਾਂ ਦਾ ਜਾਇਜ਼ਾ
ਪ੍ਰਾਪਰਟੀ ਟਰਾਂਸਫਰ, ਆਕੂਪੈਂਸੀ ਸਰਟੀਫਿਕੇਟ ਤੇ ਕੌਲੋਨੀ ਪੁਨਰਵਾਸ ਆਦਿ ਮਸਲੇ ਹਜ਼ਾਰਾਂ 'ਤੇ ਚਰਚਾ
ਚੰਡੀਗੜ੍ਹ: ਪਾਰਟੀ ਆਗੂਆਂ ਵੱਲੋਂ ਸ਼ਹਿਰ ਦੇ ਵੱਖ ਵੱਖ ਹਲਕਿਆਂ ਵਿੱਚ ਸਰਗਰਮੀਆਂ ਤੇਜ਼ ਕਰ ਦਿੱਤੀਆਂ ਗਈਆਂ ਹਨ। ਬੈਠਕ ਦੌਰਾਨ ਆਉਣ ਵਾਲੀਆਂ ਚੋਣਾਂ ਦੀ ਰਣਨੀਤੀ ਬਾਰੇ ਵਿਚਾਰ ਵਟਾਂਦਰਾ ਕੀਤਾ ਗਿਆ ਅਤੇ ਵਰਕਰਾਂ ਨੂੰ ਲੋਕਾਂ ਤੱਕ ਪਹੁੰਚ ਕਰਨ ਦੀ ਹਦਾਇਤ ਦਿੱਤੀ ਗਈ।
▪ ਬੂਟੀ ਦੇ ਸਿਹਤ ਕੇਂਦਰ ਵਿੱਚ ਵੀ ਹੋਈ ਰੌਣਕੀ ਕੀਤੀ ਸਨਮਾਨ
ਪੱਤਰ ਪ੍ਰੇਰਕ
ਚੰਡੀਗੜ੍ਹ, 21 ਅਕਤੂਬਰ
ਦੇਸ਼ ਵਿੱਚ ਕੋਵਿਡ ਟੀਕਾਕਰਨ ਦਾ ਇੱਕ ਅਰਬ ਖੁਰਾਕਾਂ ਦਾ ਅੰਕੜਾ ਪਾਰ ਹੋਣ ਉੱਤੇ ਪੀਜੀਆਈ ਵਿੱਚ ਜਸ਼ਨ ਮਨਾਏ ਗਏ। ਸੰਸਥਾ ਦੇ ਅੰਦਰ ਰੰਗੋਲੀ ਬਣਾਈ ਗਈ ਅਤੇ ਸਿਹਤ ਕਰਮਚਾਰੀਆਂ ਨੂੰ ਸਨਮਾਨਿਤ ਕੀਤਾ ਗਿਆ। ਡਾਕਟਰਾਂ ਨੇ ਕਿਹਾ ਕਿ ਇਹ ਪ੍ਰਾਪਤੀ ਸਿਹਤ ਕਰਮੀਆਂ ਦੀ ਸਖ਼ਤ ਮਿਹਨਤ ਦਾ ਨਤੀਜਾ ਹੈ। ਉਨ੍ਹਾਂ ਲੋਕਾਂ ਨੂੰ ਅਪੀਲ ਕੀਤੀ ਕਿ ਦੂਜੀ ਖੁਰਾਕ ਜ਼ਰੂਰ ਲਗਵਾਈ ਜਾਵੇ ਅਤੇ ਕੋਵਿਡ ਨਿਯਮਾਂ ਦੀ ਪਾਲਣਾ ਕੀਤੀ ਜਾਵੇ।
ਪੀਜੀਆਈ ਵਿੱਚ ਟੀਕਾਕਰਨ ਦਾ ਅੰਕੜਾ ਪਾਰ ਹੋਣ ਉੱਤੇ ਖ਼ੁਸ਼ੀ ਮਨਾਉਂਦੇ ਹੋਏ ਸਿਹਤ ਕਰਮਚਾਰੀ।
ਦੇਸ਼ ਵਿੱਚ ਕੋਵਿਡ ਟੀਕਾਕਰਨ ਦਾ ਇੱਕ ਅਰਬ ਖੁਰਾਕਾਂ ਦਾ ਅੰਕੜਾ ਪਾਰ ਹੋਣ ਉੱਤੇ ਪੀਜੀਆਈ ਵਿੱਚ ਜਸ਼ਨ ਮਨਾਏ ਗਏ। ਸੰਸਥਾ ਦੇ ਅੰਦਰ ਰੰਗੋਲੀ ਬਣਾਈ ਗਈ ਅਤੇ ਸਿਹਤ ਕਰਮਚਾਰੀਆਂ ਨੂੰ ਸਨਮਾਨਿਤ ਕੀਤਾ ਗਿਆ। ਡਾਕਟਰਾਂ ਨੇ ਕਿਹਾ ਕਿ ਇਹ ਪ੍ਰਾਪਤੀ ਸਿਹਤ ਕਰਮੀਆਂ ਦੀ ਸਖ਼ਤ ਮਿਹਨਤ ਦਾ ਨਤੀਜਾ ਹੈ। ਉਨ੍ਹਾਂ ਲੋਕਾਂ ਨੂੰ ਅਪੀਲ ਕੀਤੀ ਕਿ ਦੂਜੀ ਖੁਰਾਕ ਜ਼ਰੂਰ ਲਗਵਾਈ ਜਾਵੇ ਅਤੇ ਕੋਵਿਡ ਨਿਯਮਾਂ ਦੀ ਪਾਲਣਾ ਕੀਤੀ ਜਾਵੇ।
ਪੱਤਰ ਪ੍ਰੇਰਕ
ਚੰਡੀਗੜ੍ਹ, 21 ਅਕਤੂਬਰ
ਸ਼ਹਿਰ ਵਿੱਚ ਆਯੋਜਿਤ ਕਾਨਫਰੰਸ ਦੌਰਾਨ ਮਾਹਿਰਾਂ ਨੇ ਤੰਦਰੁਸਤ ਜੀਵਨ ਸ਼ੈਲੀ ਅਪਣਾਉਣ ਉੱਤੇ ਜ਼ੋਰ ਦਿੱਤਾ। ਉਨ੍ਹਾਂ ਕਿਹਾ ਕਿ ਨਿਯਮਤ ਕਸਰਤ ਅਤੇ ਸੰਤੁਲਿਤ ਖ਼ੁਰਾਕ ਨਾਲ ਕਈ ਬਿਮਾਰੀਆਂ ਤੋਂ ਬਚਿਆ ਜਾ ਸਕਦਾ ਹੈ। ਕਾਨਫਰੰਸ ਵਿੱਚ ਵੱਡੀ ਗਿਣਤੀ ਵਿੱਚ ਡਾਕਟਰ ਅਤੇ ਵਿਦਿਆਰਥੀ ਸ਼ਾਮਲ ਹੋਏ।
▪ ਕੌਂਸਲੀ ਕਾਰਜਕਾਰਿਨੀ ਮਹੀਨੇ ਪ੍ਰਸ਼ਾਸਨ ਦੇ ਅਧਿਕਾਰੀਆਂ ਨੂੰ ਦੇਣ ਦੀ ਹਦਾਇਤ
ਪੱਤਰ ਪ੍ਰੇਰਕ
ਚੰਡੀਗੜ੍ਹ, 21 ਅਕਤੂਬਰ
ਸੰਸਦ ਮੈਂਬਰ ਕਿਰਨ ਖੇਰ ਨੇ ਪ੍ਰਸ਼ਾਸਨਿਕ ਅਧਿਕਾਰੀਆਂ ਨਾਲ ਮੀਟਿੰਗ ਕਰ ਕੇ ਸ਼ਹਿਰ ਦੀਆਂ ਸੇਵਾਵਾਂ ਦਾ ਜਾਇਜ਼ਾ ਲਿਆ। ਮੀਟਿੰਗ ਵਿੱਚ ਪ੍ਰਾਪਰਟੀ ਟਰਾਂਸਫਰ, ਆਕੂਪੈਂਸੀ ਸਰਟੀਫਿਕੇਟ ਅਤੇ ਕੌਲੋਨੀਆਂ ਦੇ ਪੁਨਰਵਾਸ ਵਰਗੇ ਮੁੱਦਿਆਂ ਉੱਤੇ ਚਰਚਾ ਹੋਈ। ਉਨ੍ਹਾਂ ਅਧਿਕਾਰੀਆਂ ਨੂੰ ਹਦਾਇਤ ਕੀਤੀ ਕਿ ਲੋਕਾਂ ਦੇ ਕੰਮ ਸਮੇਂ ਸਿਰ ਨਿਬੇੜੇ ਜਾਣ ਅਤੇ ਦਫ਼ਤਰਾਂ ਵਿੱਚ ਖੱਜਲ ਖੁਆਰੀ ਨਾ ਹੋਵੇ।
ਅਧਿਕਾਰੀਆਂ ਨੂੰ ਮੀਟਿੰਗ ਕਰਦੀ ਹੋਈ ਸੰਸਦ ਮੈਂਬਰ ਕਿਰਨ ਖੇਰ।
ਸੰਸਦ ਮੈਂਬਰ ਕਿਰਨ ਖੇਰ ਨੇ ਪ੍ਰਸ਼ਾਸਨਿਕ ਅਧਿਕਾਰੀਆਂ ਨਾਲ ਮੀਟਿੰਗ ਕਰ ਕੇ ਸ਼ਹਿਰ ਦੀਆਂ ਸੇਵਾਵਾਂ ਦਾ ਜਾਇਜ਼ਾ ਲਿਆ। ਮੀਟਿੰਗ ਵਿੱਚ ਪ੍ਰਾਪਰਟੀ ਟਰਾਂਸਫਰ, ਆਕੂਪੈਂਸੀ ਸਰਟੀਫਿਕੇਟ ਅਤੇ ਕੌਲੋਨੀਆਂ ਦੇ ਪੁਨਰਵਾਸ ਵਰਗੇ ਮੁੱਦਿਆਂ ਉੱਤੇ ਚਰਚਾ ਹੋਈ। ਉਨ੍ਹਾਂ ਅਧਿਕਾਰੀਆਂ ਨੂੰ ਹਦਾਇਤ ਕੀਤੀ ਕਿ ਲੋਕਾਂ ਦੇ ਕੰਮ ਸਮੇਂ ਸਿਰ ਨਿਬੇੜੇ ਜਾਣ ਅਤੇ ਦਫ਼ਤਰਾਂ ਵਿੱਚ ਖੱਜਲ ਖੁਆਰੀ ਨਾ ਹੋਵੇ।
